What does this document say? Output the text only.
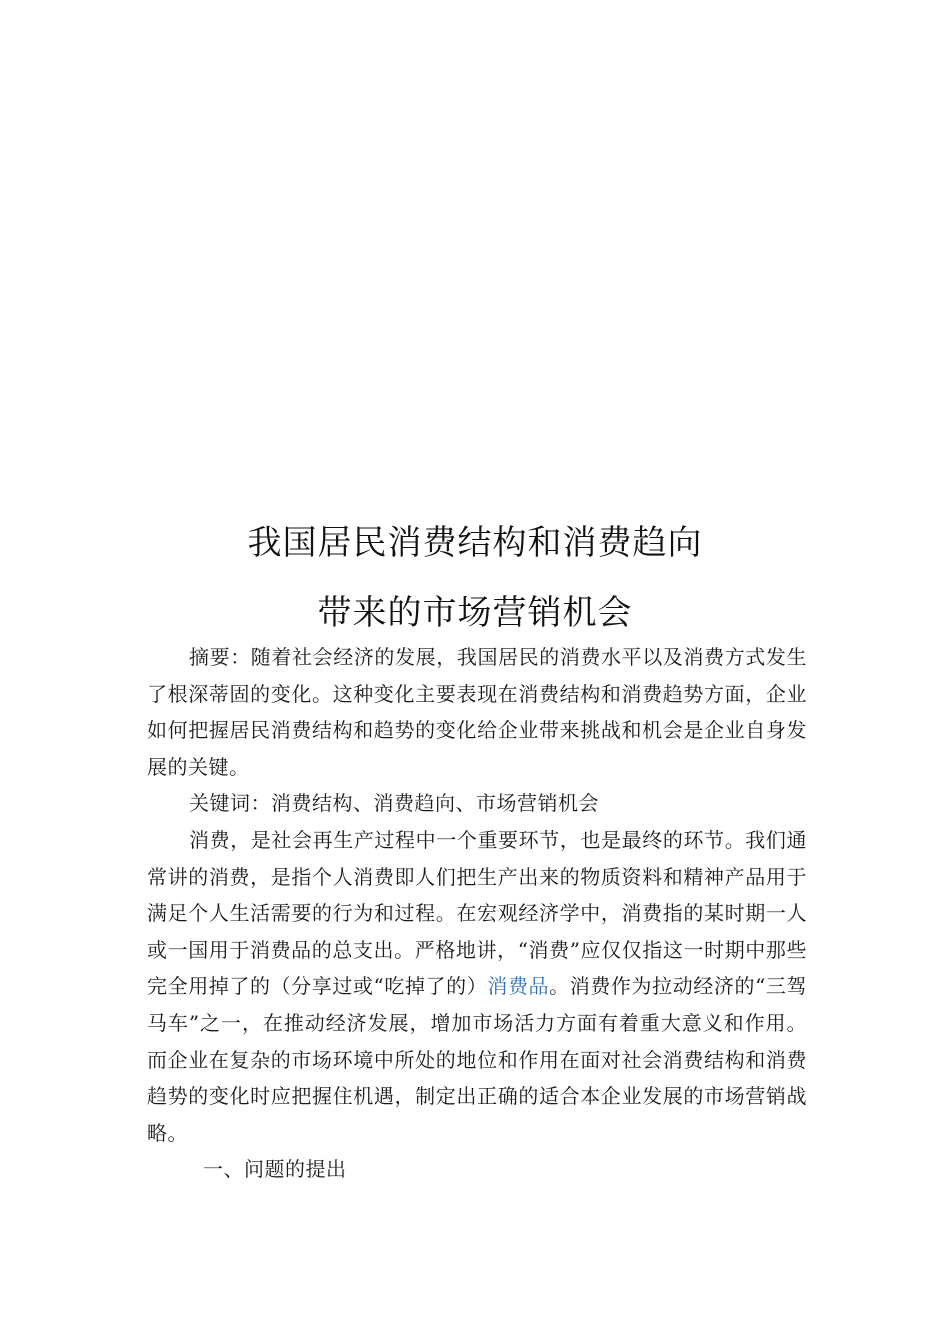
我国居民消费结构和消费趋向
带来的市场营销机会

摘要：随着社会经济的发展，我国居民的消费水平以及消费方式发生了根深蒂固的变化。这种变化主要表现在消费结构和消费趋势方面，企业如何把握居民消费结构和趋势的变化给企业带来挑战和机会是企业自身发展的关键。

关键词：消费结构、消费趋向、市场营销机会

消费，是社会再生产过程中一个重要环节，也是最终的环节。我们通常讲的消费，是指个人消费即人们把生产出来的物质资料和精神产品用于满足个人生活需要的行为和过程。在宏观经济学中，消费指的某时期一人或一国用于消费品的总支出。严格地讲，“消费”应仅仅指这一时期中那些完全用掉了的（分享过或“吃掉了的）消费品。消费作为拉动经济的“三驾马车”之一，在推动经济发展，增加市场活力方面有着重大意义和作用。而企业在复杂的市场环境中所处的地位和作用在面对社会消费结构和消费趋势的变化时应把握住机遇，制定出正确的适合本企业发展的市场营销战略。

一、问题的提出
